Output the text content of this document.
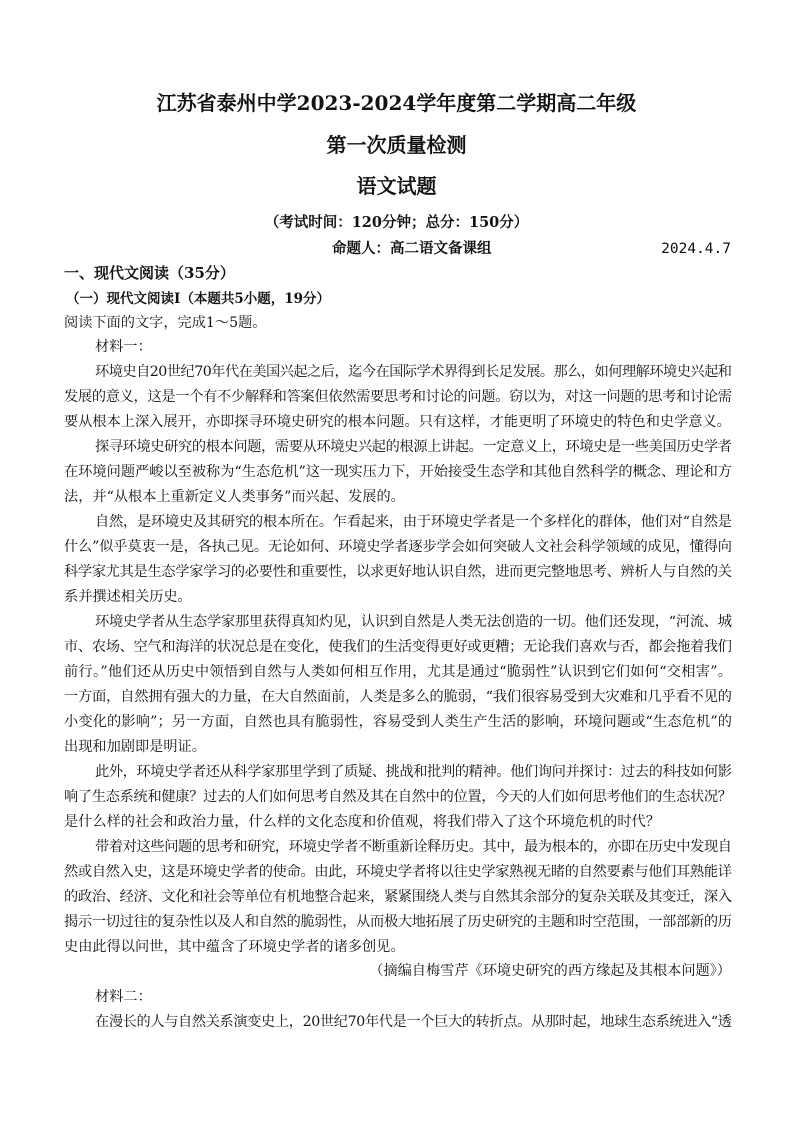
江苏省泰州中学2023-2024学年度第二学期高二年级
第一次质量检测
语文试题
（考试时间：120分钟；总分：150分）
命题人：高二语文备课组	2024.4.7
一、现代文阅读（35分）
（一）现代文阅读Ⅰ（本题共5小题，19分）
阅读下面的文字，完成1～5题。
材料一：
环境史自20世纪70年代在美国兴起之后，迄今在国际学术界得到长足发展。那么，如何理解环境史兴起和
发展的意义，这是一个有不少解释和答案但依然需要思考和讨论的问题。窃以为，对这一问题的思考和讨论需
要从根本上深入展开，亦即探寻环境史研究的根本问题。只有这样，才能更明了环境史的特色和史学意义。
探寻环境史研究的根本问题，需要从环境史兴起的根源上讲起。一定意义上，环境史是一些美国历史学者
在环境问题严峻以至被称为“生态危机”这一现实压力下，开始接受生态学和其他自然科学的概念、理论和方
法，并“从根本上重新定义人类事务”而兴起、发展的。
自然，是环境史及其研究的根本所在。乍看起来，由于环境史学者是一个多样化的群体，他们对“自然是
什么”似乎莫衷一是，各执己见。无论如何、环境史学者逐步学会如何突破人文社会科学领域的成见，懂得向
科学家尤其是生态学家学习的必要性和重要性，以求更好地认识自然，进而更完整地思考、辨析人与自然的关
系并撰述相关历史。
环境史学者从生态学家那里获得真知灼见，认识到自然是人类无法创造的一切。他们还发现，“河流、城
市、农场、空气和海洋的状况总是在变化，使我们的生活变得更好或更糟；无论我们喜欢与否，都会拖着我们
前行。”他们还从历史中领悟到自然与人类如何相互作用，尤其是通过“脆弱性”认识到它们如何“交相害”。
一方面，自然拥有强大的力量，在大自然面前，人类是多么的脆弱，“我们很容易受到大灾难和几乎看不见的
小变化的影响”；另一方面，自然也具有脆弱性，容易受到人类生产生活的影响，环境问题或“生态危机”的
出现和加剧即是明证。
此外，环境史学者还从科学家那里学到了质疑、挑战和批判的精神。他们询问并探讨：过去的科技如何影
响了生态系统和健康？过去的人们如何思考自然及其在自然中的位置，今天的人们如何思考他们的生态状况？
是什么样的社会和政治力量，什么样的文化态度和价值观，将我们带入了这个环境危机的时代？
带着对这些问题的思考和研究，环境史学者不断重新诠释历史。其中，最为根本的，亦即在历史中发现自
然或自然入史，这是环境史学者的使命。由此，环境史学者将以往史学家熟视无睹的自然要素与他们耳熟能详
的政治、经济、文化和社会等单位有机地整合起来，紧紧围绕人类与自然其余部分的复杂关联及其变迁，深入
揭示一切过往的复杂性以及人和自然的脆弱性，从而极大地拓展了历史研究的主题和时空范围，一部部新的历
史由此得以问世，其中蕴含了环境史学者的诸多创见。
（摘编自梅雪芹《环境史研究的西方缘起及其根本问题》）
材料二：
在漫长的人与自然关系演变史上，20世纪70年代是一个巨大的转折点。从那时起，地球生态系统进入“透
